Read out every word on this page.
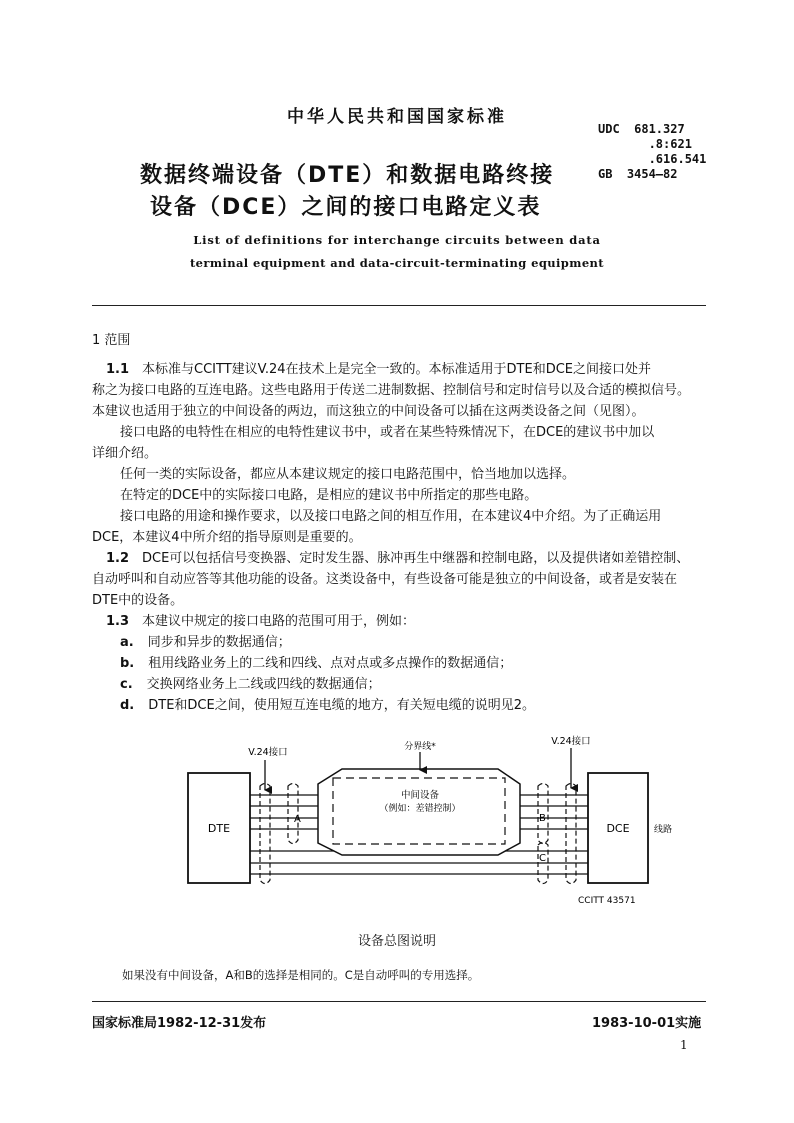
中华人民共和国国家标准
UDC  681.327
.8:621
.616.541
GB  3454—82
数据终端设备（DTE）和数据电路终接
设备（DCE）之间的接口电路定义表
List of definitions for interchange circuits between data
terminal equipment and data-circuit-terminating equipment
1 范围
1.1 本标准与CCITT建议V.24在技术上是完全一致的。本标准适用于DTE和DCE之间接口处并
称之为接口电路的互连电路。这些电路用于传送二进制数据、控制信号和定时信号以及合适的模拟信号。
本建议也适用于独立的中间设备的两边，而这独立的中间设备可以插在这两类设备之间（见图）。
接口电路的电特性在相应的电特性建议书中，或者在某些特殊情况下，在DCE的建议书中加以
详细介绍。
任何一类的实际设备，都应从本建议规定的接口电路范围中，恰当地加以选择。
在特定的DCE中的实际接口电路，是相应的建议书中所指定的那些电路。
接口电路的用途和操作要求，以及接口电路之间的相互作用，在本建议4中介绍。为了正确运用
DCE，本建议4中所介绍的指导原则是重要的。
1.2 DCE可以包括信号变换器、定时发生器、脉冲再生中继器和控制电路，以及提供诸如差错控制、
自动呼叫和自动应答等其他功能的设备。这类设备中，有些设备可能是独立的中间设备，或者是安装在
DTE中的设备。
1.3 本建议中规定的接口电路的范围可用于，例如：
a. 同步和异步的数据通信；
b. 租用线路业务上的二线和四线、点对点或多点操作的数据通信；
c. 交换网络业务上二线或四线的数据通信；
d. DTE和DCE之间，使用短互连电缆的地方，有关短电缆的说明见2。
DTE	DCE	线路
中间设备
（例如：差错控制）
V.24接口
V.24接口
分界线*
A	B
C
CCITT 43571
设备总图说明
如果没有中间设备，A和B的选择是相同的。C是自动呼叫的专用选择。
国家标准局1982-12-31发布	1983-10-01实施
1
